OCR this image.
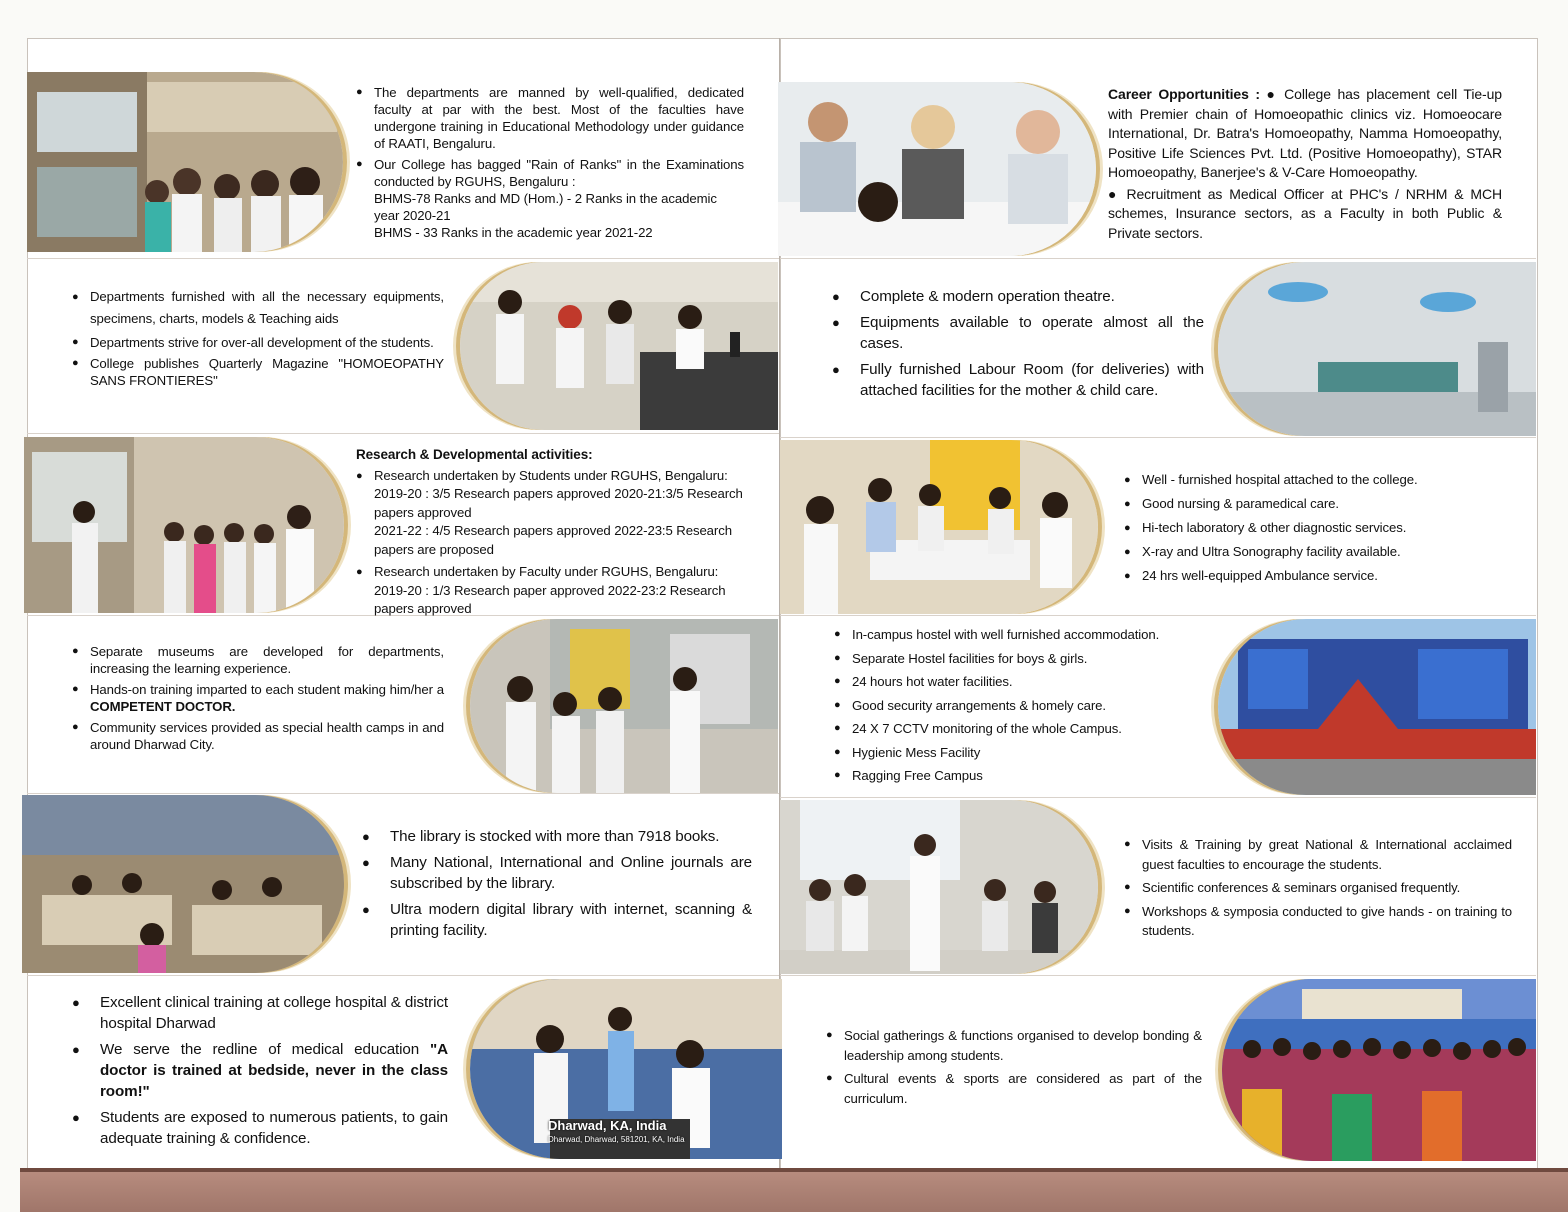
● The departments are manned by well-qualified, dedicated faculty at par with the best. Most of the faculties have undergone training in Educational Methodology under guidance of RAATI, Bengaluru.
● Our College has bagged "Rain of Ranks" in the Examinations conducted by RGUHS, Bengaluru :
BHMS-78 Ranks and MD (Hom.) - 2 Ranks in the academic year 2020-21
BHMS - 33 Ranks in the academic year 2021-22
● Departments furnished with all the necessary equipments, specimens, charts, models & Teaching aids
● Departments strive for over-all development of the students.
● College publishes Quarterly Magazine "HOMOEOPATHY SANS FRONTIERES"
Research & Developmental activities:
● Research undertaken by Students under RGUHS, Bengaluru:
2019-20 : 3/5 Research papers approved 2020-21:3/5 Research papers approved
2021-22 : 4/5 Research papers approved 2022-23:5 Research papers are proposed
● Research undertaken by Faculty under RGUHS, Bengaluru:
2019-20 : 1/3 Research paper approved 2022-23:2 Research papers approved
● Separate museums are developed for departments, increasing the learning experience.
● Hands-on training imparted to each student making him/her a COMPETENT DOCTOR.
● Community services provided as special health camps in and around Dharwad City.
● The library is stocked with more than 7918 books.
● Many National, International and Online journals are subscribed by the library.
● Ultra modern digital library with internet, scanning & printing facility.
● Excellent clinical training at college hospital & district hospital Dharwad
● We serve the redline of medical education "A doctor is trained at bedside, never in the class room!"
● Students are exposed to numerous patients, to gain adequate training & confidence.
Dharwad, KA, India
Dharwad, Dharwad, 581201, KA, India
Career Opportunities : ● College has placement cell Tie-up with Premier chain of Homoeopathic clinics viz. Homoeocare International, Dr. Batra's Homoeopathy, Namma Homoeopathy, Positive Life Sciences Pvt. Ltd. (Positive Homoeopathy), STAR Homoeopathy, Banerjee's & V-Care Homoeopathy.
● Recruitment as Medical Officer at PHC's / NRHM & MCH schemes, Insurance sectors, as a Faculty in both Public & Private sectors.
● Complete & modern operation theatre.
● Equipments available to operate almost all the cases.
● Fully furnished Labour Room (for deliveries) with attached facilities for the mother & child care.
● Well - furnished hospital attached to the college.
● Good nursing & paramedical care.
● Hi-tech laboratory & other diagnostic services.
● X-ray and Ultra Sonography facility available.
● 24 hrs well-equipped Ambulance service.
● In-campus hostel with well furnished accommodation.
● Separate Hostel facilities for boys & girls.
● 24 hours hot water facilities.
● Good security arrangements & homely care.
● 24 X 7 CCTV monitoring of the whole Campus.
● Hygienic Mess Facility
● Ragging Free Campus
● Visits & Training by great National & International acclaimed guest faculties to encourage the students.
● Scientific conferences & seminars organised frequently.
● Workshops & symposia conducted to give hands - on training to students.
● Social gatherings & functions organised to develop bonding & leadership among students.
● Cultural events & sports are considered as part of the curriculum.
